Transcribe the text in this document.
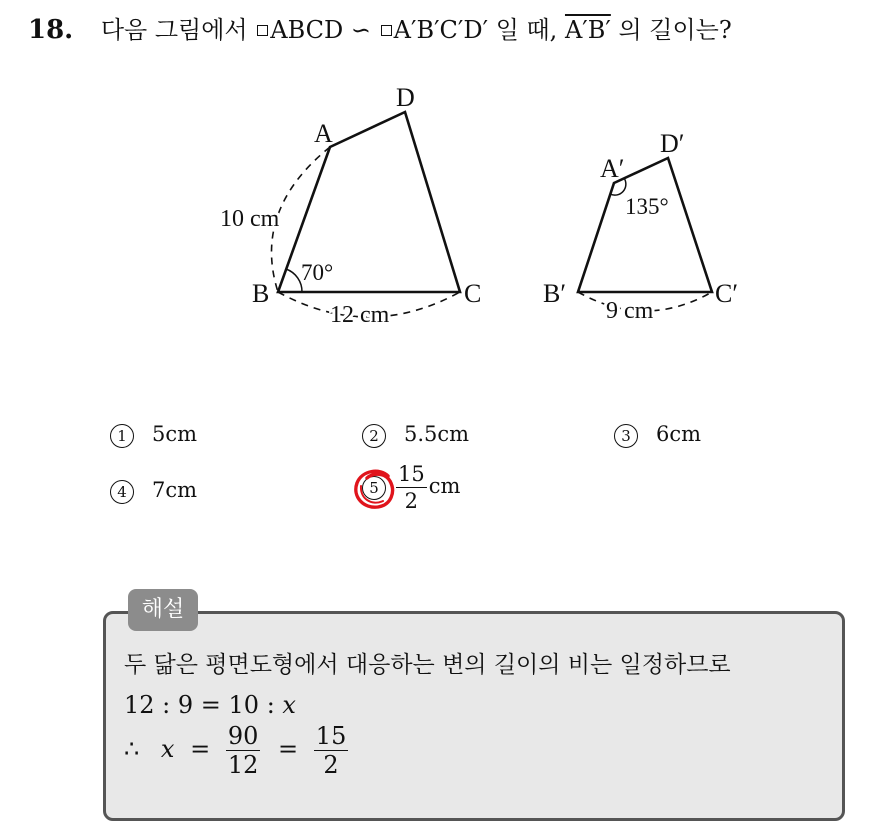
18. 다음 그림에서 ABCD ∽ A′B′C′D′ 일 때, A′B′ 의 길이는?
A
D
B	C
10 cm
12 cm
70°
A′
D′
B′	C′
9 cm
135°
1 5cm	2 5.5cm	3 6cm
4 7cm	$5 \frac{15}{2}$ cm
해설
두 닮은 평면도형에서 대응하는 변의 길이의 비는 일정하므로
12 : 9 = 10 : x
∴ $x = \frac{90}{12} = \frac{15}{2}$
